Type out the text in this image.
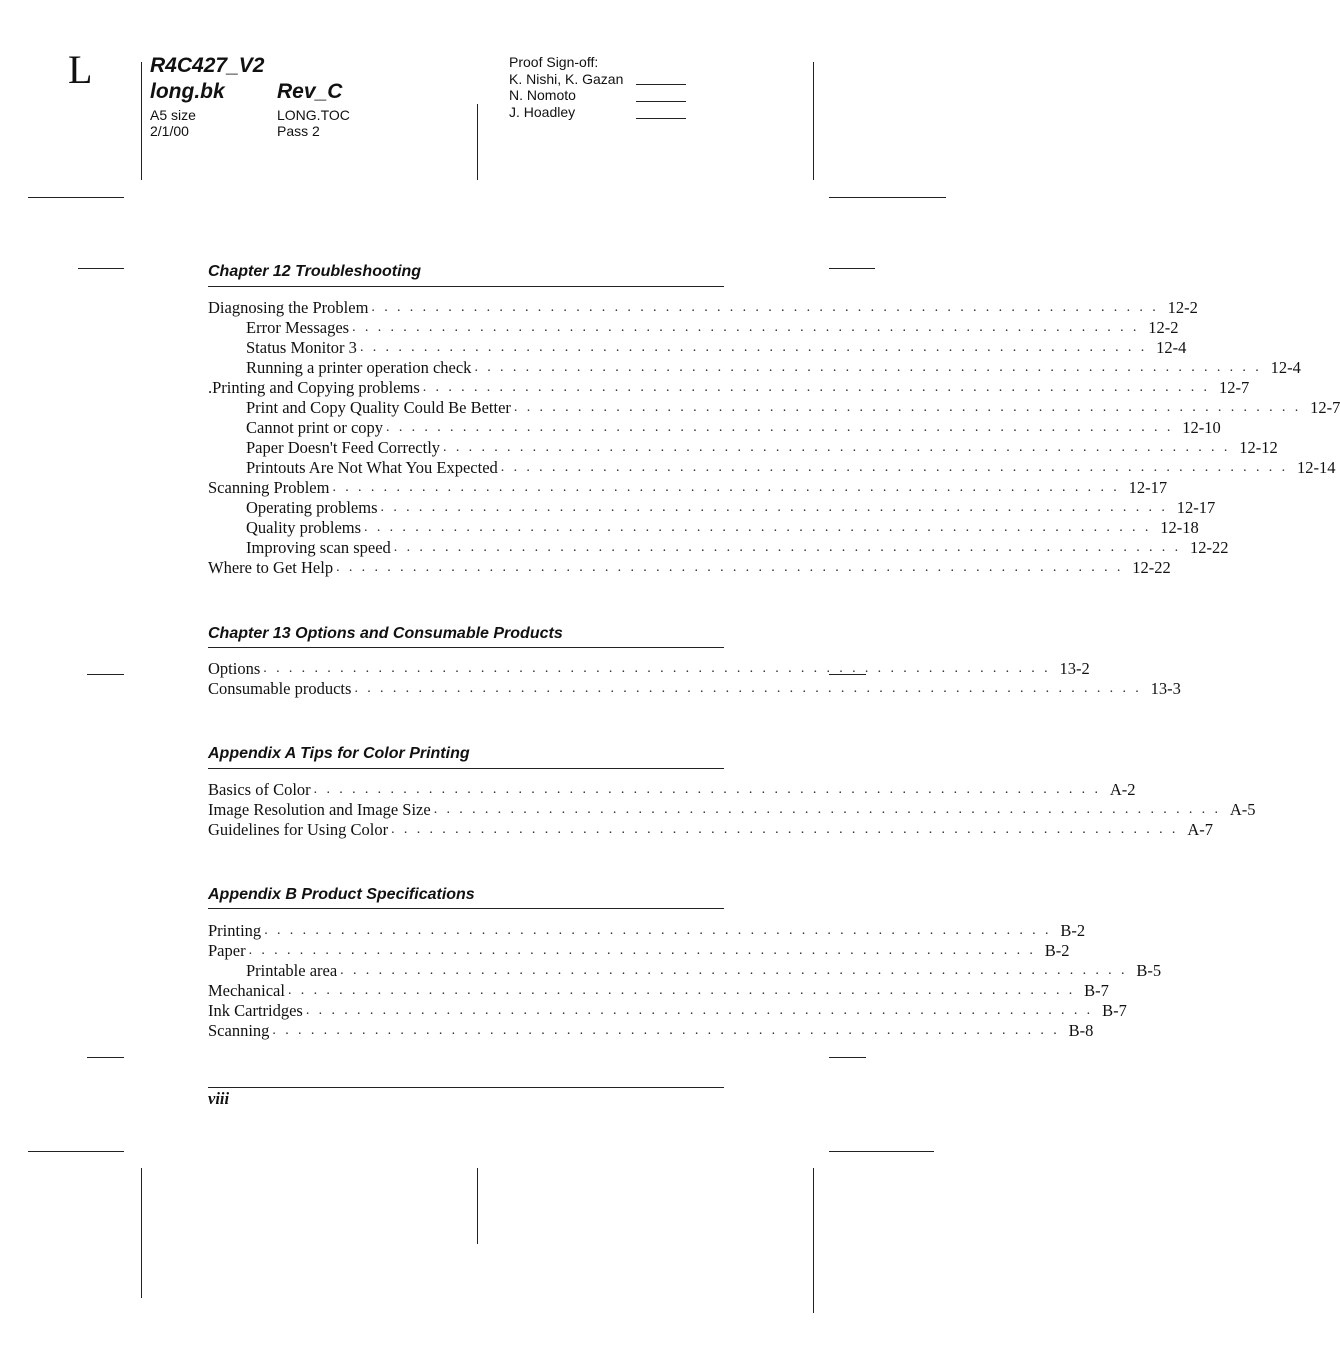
L	R4C427_V2
long.bk Rev_C
A5 size
2/1/00
LONG.TOC
Pass 2
Proof Sign-off:
K. Nishi, K. Gazan
N. Nomoto
J. Hoadley
Chapter 12 Troubleshooting
Diagnosing the Problem . . . . . . . . . . . . . . . . . . . . . . . . . . . . . . . . . . . . . . . . . . . . . . . . . . . . . . . . . . . . . . 12-2
Error Messages . . . . . . . . . . . . . . . . . . . . . . . . . . . . . . . . . . . . . . . . . . . . . . . . . . . . . . . . . . . . . . 12-2
Status Monitor 3 . . . . . . . . . . . . . . . . . . . . . . . . . . . . . . . . . . . . . . . . . . . . . . . . . . . . . . . . . . . . . . 12-4
Running a printer operation check . . . . . . . . . . . . . . . . . . . . . . . . . . . . . . . . . . . . . . . . . . . . . . . . . . . . . . . . . . . . . . 12-4
.Printing and Copying problems . . . . . . . . . . . . . . . . . . . . . . . . . . . . . . . . . . . . . . . . . . . . . . . . . . . . . . . . . . . . . . 12-7
Print and Copy Quality Could Be Better . . . . . . . . . . . . . . . . . . . . . . . . . . . . . . . . . . . . . . . . . . . . . . . . . . . . . . . . . . . . . . 12-7
Cannot print or copy . . . . . . . . . . . . . . . . . . . . . . . . . . . . . . . . . . . . . . . . . . . . . . . . . . . . . . . . . . . . . . 12-10
Paper Doesn't Feed Correctly . . . . . . . . . . . . . . . . . . . . . . . . . . . . . . . . . . . . . . . . . . . . . . . . . . . . . . . . . . . . . . 12-12
Printouts Are Not What You Expected . . . . . . . . . . . . . . . . . . . . . . . . . . . . . . . . . . . . . . . . . . . . . . . . . . . . . . . . . . . . . . 12-14
Scanning Problem . . . . . . . . . . . . . . . . . . . . . . . . . . . . . . . . . . . . . . . . . . . . . . . . . . . . . . . . . . . . . . 12-17
Operating problems . . . . . . . . . . . . . . . . . . . . . . . . . . . . . . . . . . . . . . . . . . . . . . . . . . . . . . . . . . . . . . 12-17
Quality problems . . . . . . . . . . . . . . . . . . . . . . . . . . . . . . . . . . . . . . . . . . . . . . . . . . . . . . . . . . . . . . 12-18
Improving scan speed . . . . . . . . . . . . . . . . . . . . . . . . . . . . . . . . . . . . . . . . . . . . . . . . . . . . . . . . . . . . . . 12-22
Where to Get Help . . . . . . . . . . . . . . . . . . . . . . . . . . . . . . . . . . . . . . . . . . . . . . . . . . . . . . . . . . . . . . 12-22
Chapter 13 Options and Consumable Products
Options . . . . . . . . . . . . . . . . . . . . . . . . . . . . . . . . . . . . . . . . . . . . . . . . . . . . . . . . . . . . . . 13-2
Consumable products . . . . . . . . . . . . . . . . . . . . . . . . . . . . . . . . . . . . . . . . . . . . . . . . . . . . . . . . . . . . . . 13-3
Appendix A Tips for Color Printing
Basics of Color . . . . . . . . . . . . . . . . . . . . . . . . . . . . . . . . . . . . . . . . . . . . . . . . . . . . . . . . . . . . . . A-2
Image Resolution and Image Size . . . . . . . . . . . . . . . . . . . . . . . . . . . . . . . . . . . . . . . . . . . . . . . . . . . . . . . . . . . . . . A-5
Guidelines for Using Color . . . . . . . . . . . . . . . . . . . . . . . . . . . . . . . . . . . . . . . . . . . . . . . . . . . . . . . . . . . . . . A-7
Appendix B Product Specifications
Printing . . . . . . . . . . . . . . . . . . . . . . . . . . . . . . . . . . . . . . . . . . . . . . . . . . . . . . . . . . . . . . B-2
Paper . . . . . . . . . . . . . . . . . . . . . . . . . . . . . . . . . . . . . . . . . . . . . . . . . . . . . . . . . . . . . . B-2
Printable area . . . . . . . . . . . . . . . . . . . . . . . . . . . . . . . . . . . . . . . . . . . . . . . . . . . . . . . . . . . . . . B-5
Mechanical . . . . . . . . . . . . . . . . . . . . . . . . . . . . . . . . . . . . . . . . . . . . . . . . . . . . . . . . . . . . . . B-7
Ink Cartridges . . . . . . . . . . . . . . . . . . . . . . . . . . . . . . . . . . . . . . . . . . . . . . . . . . . . . . . . . . . . . . B-7
Scanning . . . . . . . . . . . . . . . . . . . . . . . . . . . . . . . . . . . . . . . . . . . . . . . . . . . . . . . . . . . . . . B-8
viii
